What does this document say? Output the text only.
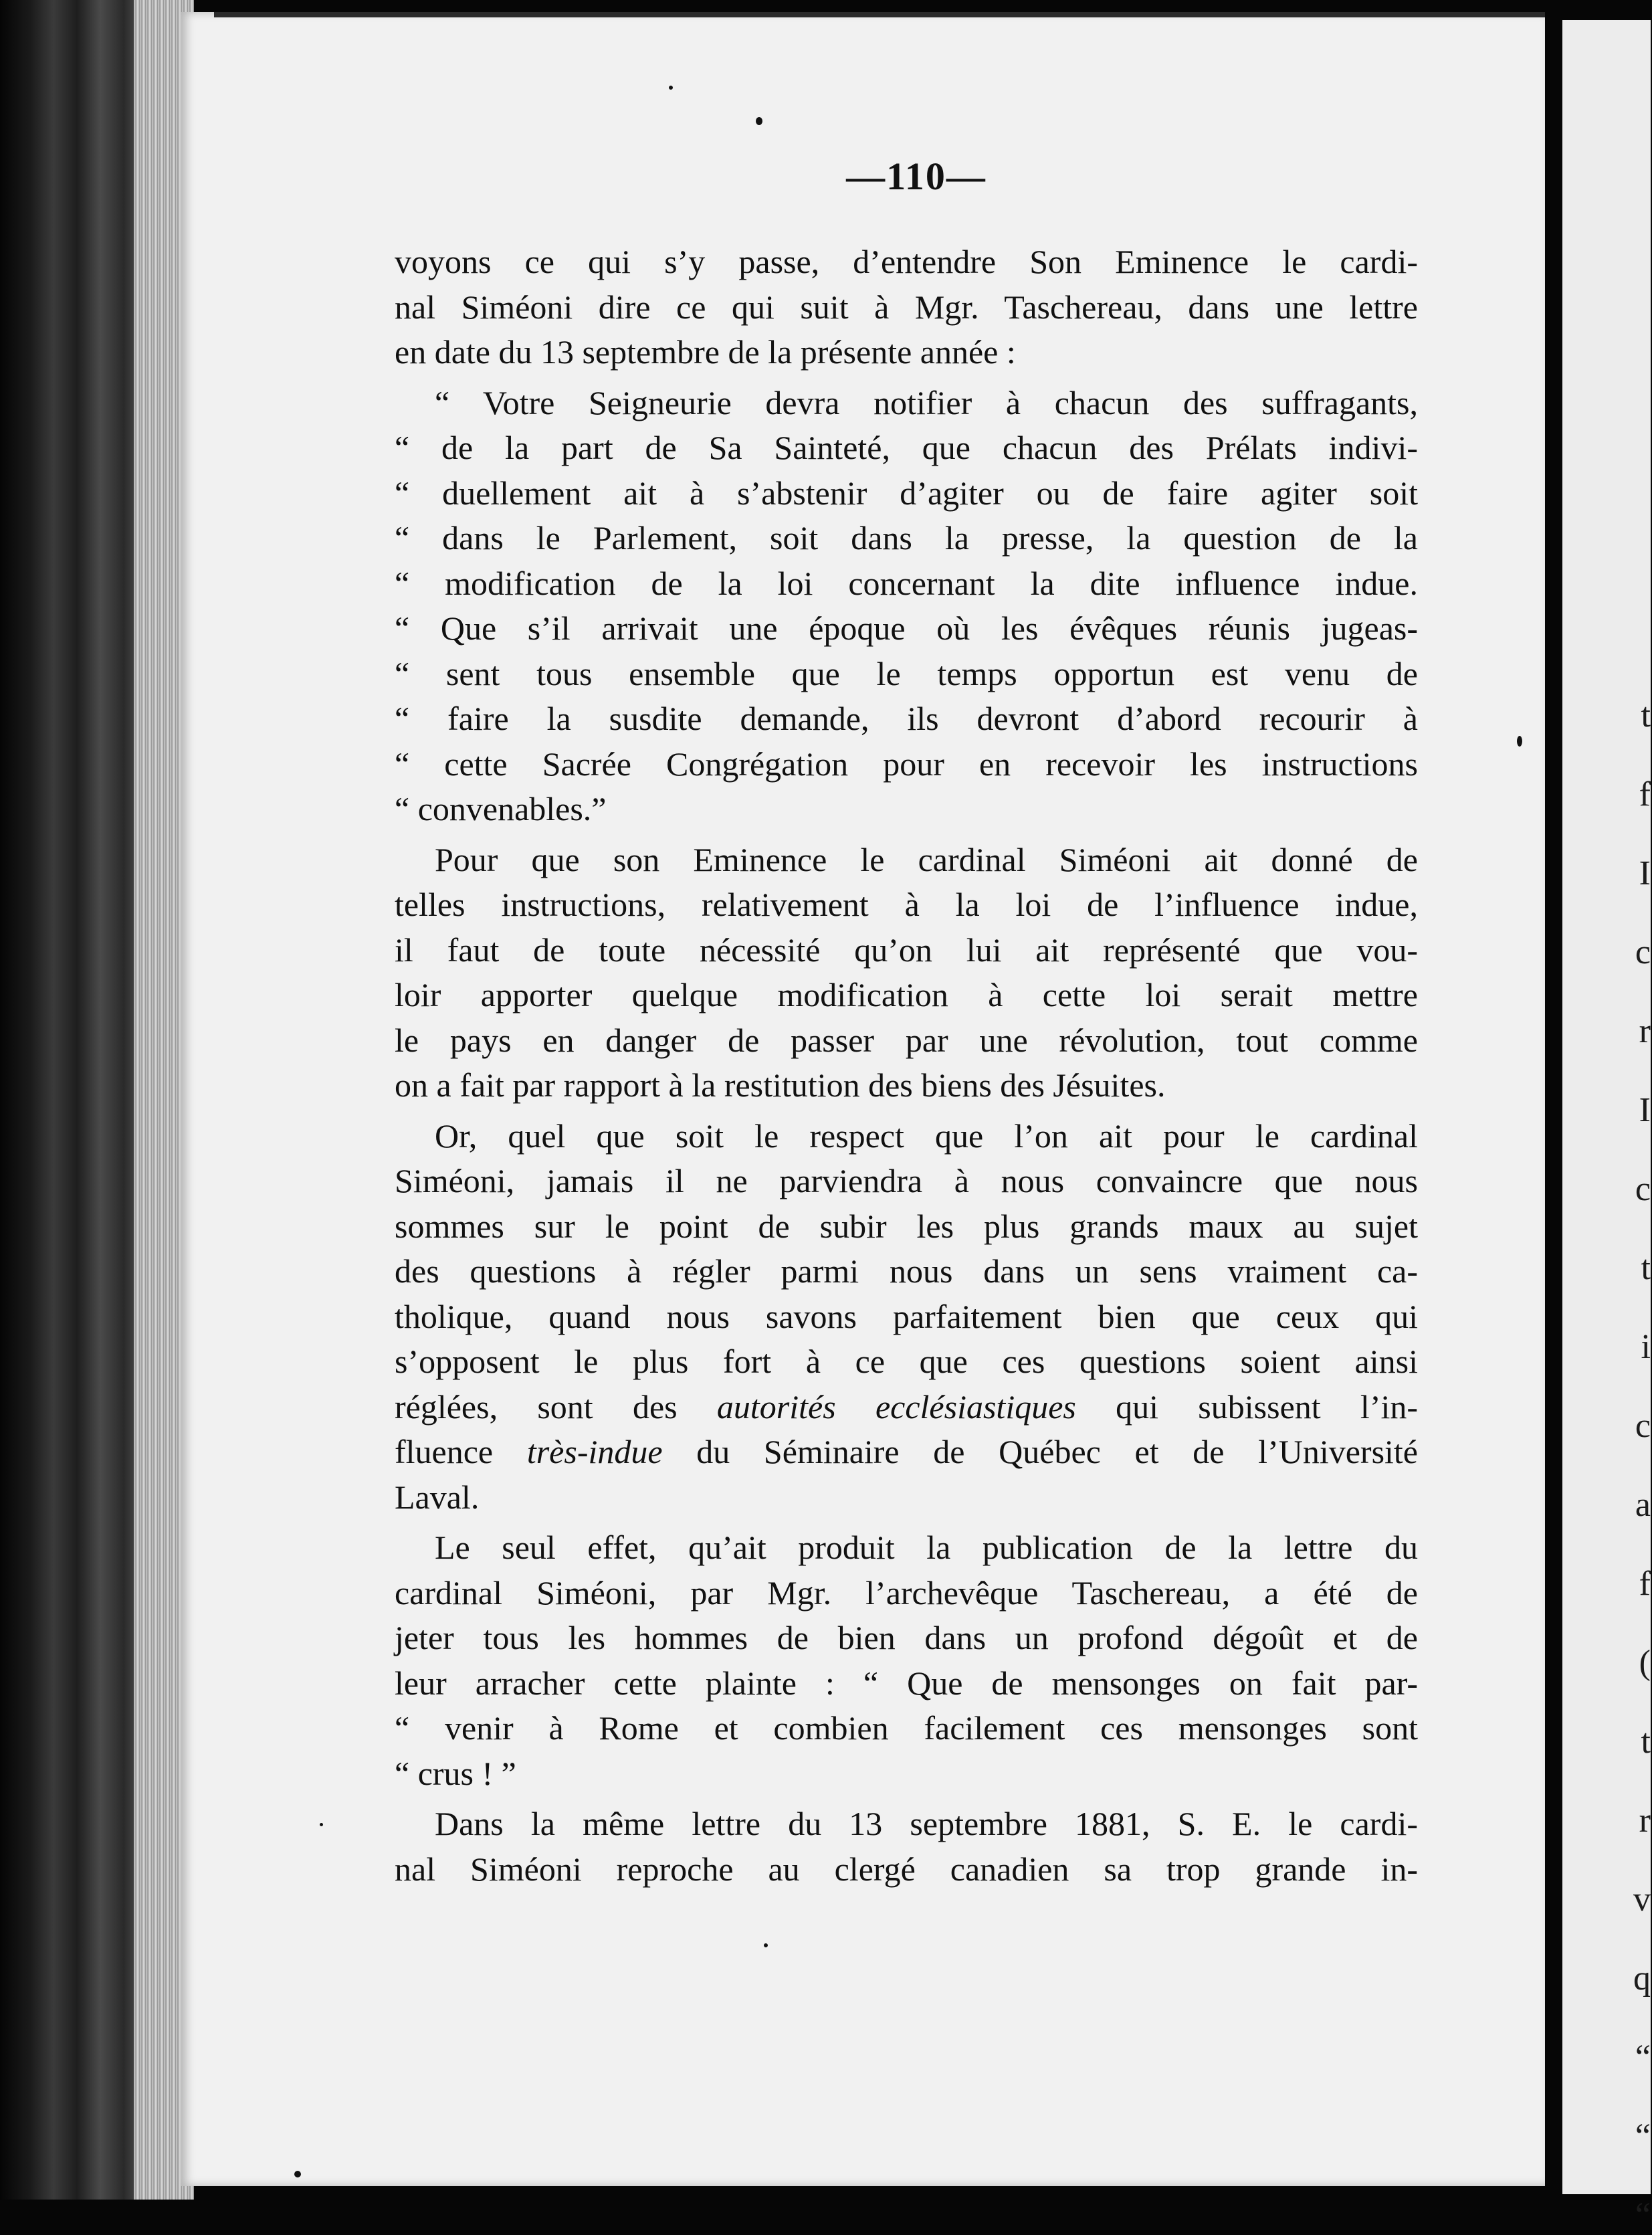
t
f
I
c
r
I
c
t
i
c
a
f
(
t
r
v
q
“
“
“
—110—
voyons ce qui s’y passe, d’entendre Son Eminence le cardi-
nal Siméoni dire ce qui suit à Mgr. Taschereau, dans une lettre
en date du 13 septembre de la présente année :
“ Votre Seigneurie devra notifier à chacun des suffragants,
“ de la part de Sa Sainteté, que chacun des Prélats indivi-
“ duellement ait à s’abstenir d’agiter ou de faire agiter soit
“ dans le Parlement, soit dans la presse, la question de la
“ modification de la loi concernant la dite influence indue.
“ Que s’il arrivait une époque où les évêques réunis jugeas-
“ sent tous ensemble que le temps opportun est venu de
“ faire la susdite demande, ils devront d’abord recourir à
“ cette Sacrée Congrégation pour en recevoir les instructions
“ convenables.”
Pour que son Eminence le cardinal Siméoni ait donné de
telles instructions, relativement à la loi de l’influence indue,
il faut de toute nécessité qu’on lui ait représenté que vou-
loir apporter quelque modification à cette loi serait mettre
le pays en danger de passer par une révolution, tout comme
on a fait par rapport à la restitution des biens des Jésuites.
Or, quel que soit le respect que l’on ait pour le cardinal
Siméoni, jamais il ne parviendra à nous convaincre que nous
sommes sur le point de subir les plus grands maux au sujet
des questions à régler parmi nous dans un sens vraiment ca-
tholique, quand nous savons parfaitement bien que ceux qui
s’opposent le plus fort à ce que ces questions soient ainsi
réglées, sont des autorités ecclésiastiques qui subissent l’in-
fluence très-indue du Séminaire de Québec et de l’Université
Laval.
Le seul effet, qu’ait produit la publication de la lettre du
cardinal Siméoni, par Mgr. l’archevêque Taschereau, a été de
jeter tous les hommes de bien dans un profond dégoût et de
leur arracher cette plainte : “ Que de mensonges on fait par-
“ venir à Rome et combien facilement ces mensonges sont
“ crus ! ”
Dans la même lettre du 13 septembre 1881, S. E. le cardi-
nal Siméoni reproche au clergé canadien sa trop grande in-
